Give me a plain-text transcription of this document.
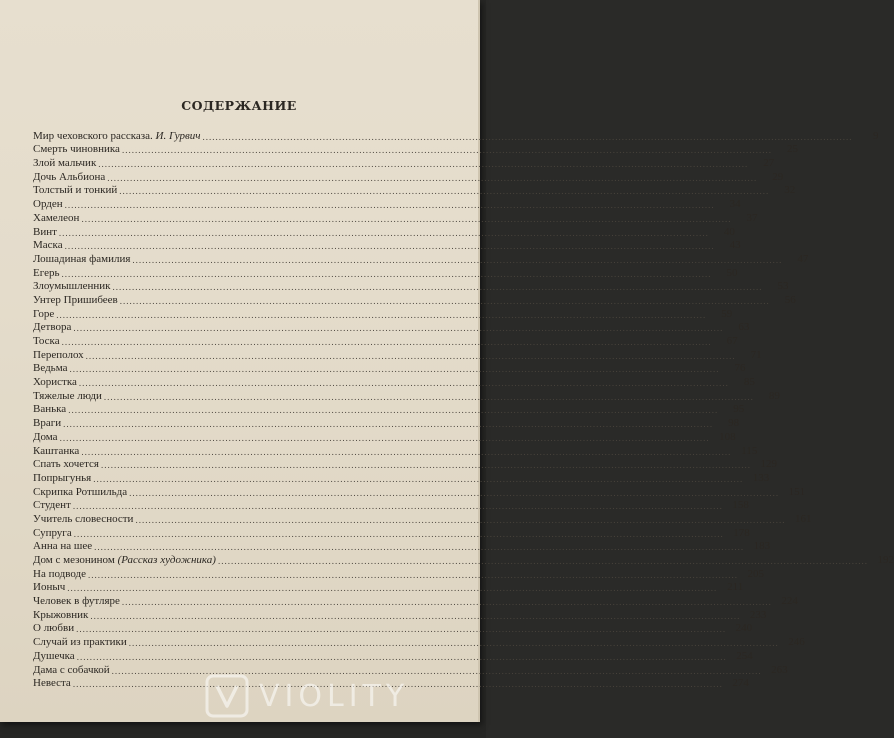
СОДЕРЖАНИЕ
Мир чеховского рассказа. И. Гурвич ........................................................................................................................................................................................................	9
Смерть чиновника ........................................................................................................................................................................................................	25
Злой мальчик ........................................................................................................................................................................................................	27
Дочь Альбиона ........................................................................................................................................................................................................	29
Толстый и тонкий ........................................................................................................................................................................................................	32
Орден ........................................................................................................................................................................................................	34
Хамелеон ........................................................................................................................................................................................................	37
Винт ........................................................................................................................................................................................................	40
Маска ........................................................................................................................................................................................................	43
Лошадиная фамилия ........................................................................................................................................................................................................	47
Егерь ........................................................................................................................................................................................................	50
Злоумышленник ........................................................................................................................................................................................................	53
Унтер Пришибеев ........................................................................................................................................................................................................	56
Горе ........................................................................................................................................................................................................	59
Детвора ........................................................................................................................................................................................................	63
Тоска ........................................................................................................................................................................................................	67
Переполох ........................................................................................................................................................................................................	71
Ведьма ........................................................................................................................................................................................................	76
Хористка ........................................................................................................................................................................................................	85
Тяжелые люди ........................................................................................................................................................................................................	89
Ванька ........................................................................................................................................................................................................	95
Враги ........................................................................................................................................................................................................	98
Дома ........................................................................................................................................................................................................ 108
Каштанка ........................................................................................................................................................................................................ 115
Спать хочется ........................................................................................................................................................................................................ 129
Попрыгунья ........................................................................................................................................................................................................ 133
Скрипка Ротшильда ........................................................................................................................................................................................................ 151
Студент ........................................................................................................................................................................................................ 158
Учитель словесности ........................................................................................................................................................................................................ 161
Супруга ........................................................................................................................................................................................................ 178
Анна на шее ........................................................................................................................................................................................................ 183
Дом с мезонином (Рассказ художника) ........................................................................................................................................................................................................ 192
На подводе ........................................................................................................................................................................................................ 205
Ионыч ........................................................................................................................................................................................................ 211
Человек в футляре ........................................................................................................................................................................................................ 224
Крыжовник ........................................................................................................................................................................................................ 233
О любви ........................................................................................................................................................................................................ 240
Случай из практики ........................................................................................................................................................................................................ 246
Душечка ........................................................................................................................................................................................................ 254
Дама с собачкой ........................................................................................................................................................................................................ 263
Невеста ........................................................................................................................................................................................................ 274
VIOLITY
